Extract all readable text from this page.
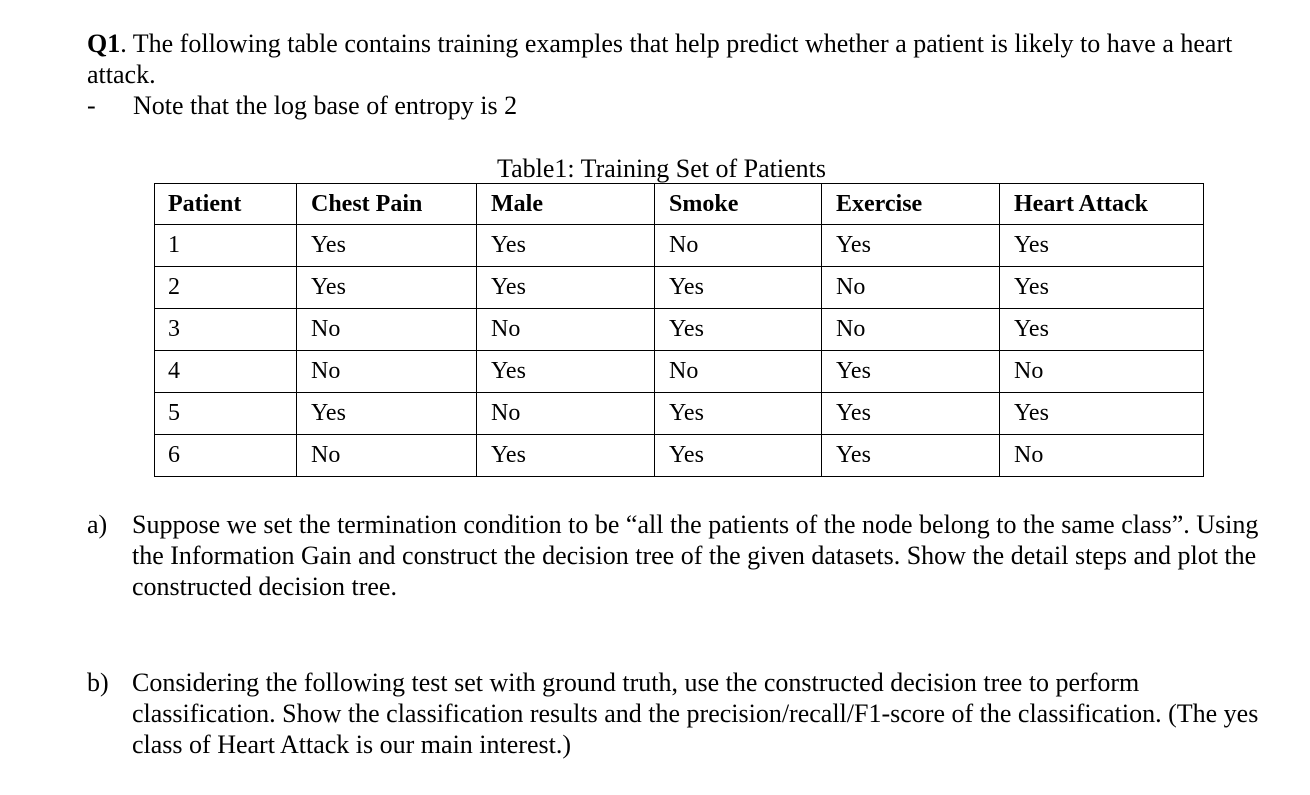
Q1. The following table contains training examples that help predict whether a patient is likely to have a heart attack.

- Note that the log base of entropy is 2

Table1: Training Set of Patients

Patient	Chest Pain	Male	Smoke	Exercise	Heart Attack
1	Yes	Yes	No	Yes	Yes
2	Yes	Yes	Yes	No	Yes
3	No	No	Yes	No	Yes
4	No	Yes	No	Yes	No
5	Yes	No	Yes	Yes	Yes
6	No	Yes	Yes	Yes	No

a) Suppose we set the termination condition to be “all the patients of the node belong to the same class”. Using the Information Gain and construct the decision tree of the given datasets. Show the detail steps and plot the constructed decision tree.

b) Considering the following test set with ground truth, use the constructed decision tree to perform classification. Show the classification results and the precision/recall/F1-score of the classification. (The yes class of Heart Attack is our main interest.)
